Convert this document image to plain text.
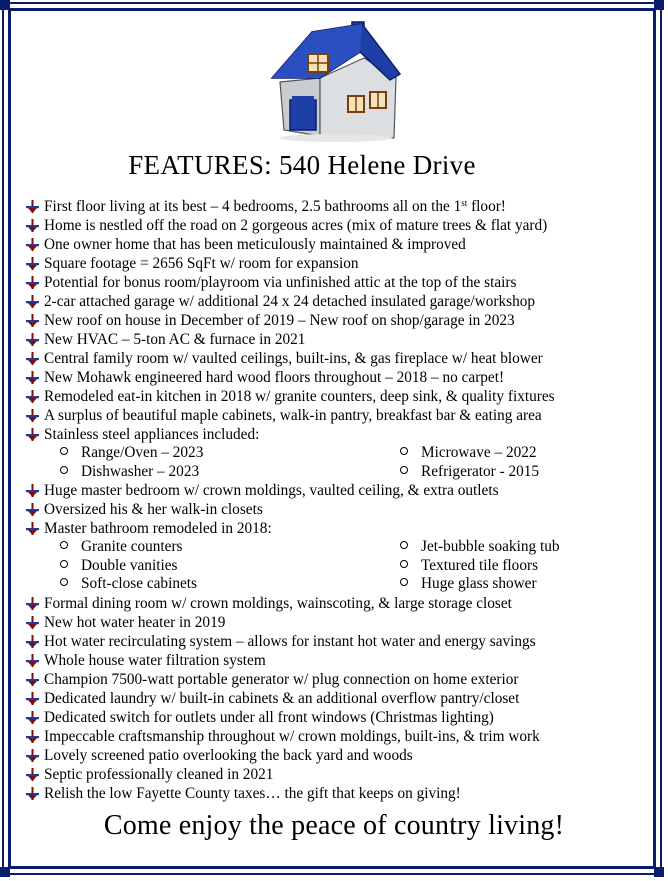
FEATURES: 540 Helene Drive
First floor living at its best – 4 bedrooms, 2.5 bathrooms all on the 1st floor!
Home is nestled off the road on 2 gorgeous acres (mix of mature trees & flat yard)
One owner home that has been meticulously maintained & improved
Square footage = 2656 SqFt w/ room for expansion
Potential for bonus room/playroom via unfinished attic at the top of the stairs
2-car attached garage w/ additional 24 x 24 detached insulated garage/workshop
New roof on house in December of 2019 – New roof on shop/garage in 2023
New HVAC – 5-ton AC & furnace in 2021
Central family room w/ vaulted ceilings, built-ins, & gas fireplace w/ heat blower
New Mohawk engineered hard wood floors throughout – 2018 – no carpet!
Remodeled eat-in kitchen in 2018 w/ granite counters, deep sink, & quality fixtures
A surplus of beautiful maple cabinets, walk-in pantry, breakfast bar & eating area
Stainless steel appliances included:
Range/Oven – 2023	Microwave – 2022
Dishwasher – 2023	Refrigerator - 2015
Huge master bedroom w/ crown moldings, vaulted ceiling, & extra outlets
Oversized his & her walk-in closets
Master bathroom remodeled in 2018:
Granite counters	Jet-bubble soaking tub
Double vanities	Textured tile floors
Soft-close cabinets	Huge glass shower
Formal dining room w/ crown moldings, wainscoting, & large storage closet
New hot water heater in 2019
Hot water recirculating system – allows for instant hot water and energy savings
Whole house water filtration system
Champion 7500-watt portable generator w/ plug connection on home exterior
Dedicated laundry w/ built-in cabinets & an additional overflow pantry/closet
Dedicated switch for outlets under all front windows (Christmas lighting)
Impeccable craftsmanship throughout w/ crown moldings, built-ins, & trim work
Lovely screened patio overlooking the back yard and woods
Septic professionally cleaned in 2021
Relish the low Fayette County taxes… the gift that keeps on giving!
Come enjoy the peace of country living!
